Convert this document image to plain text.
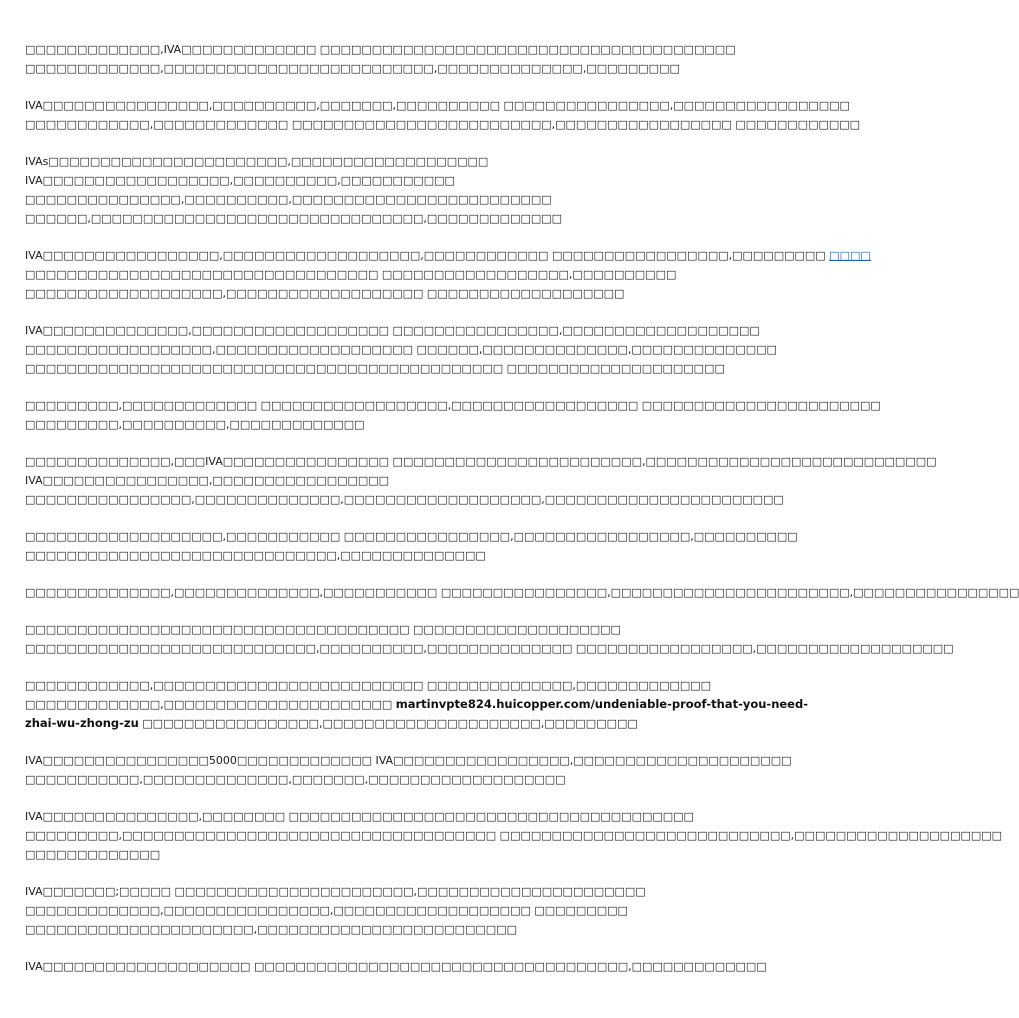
□□□□□□□□□□□□□,IVA□□□□□□□□□□□□□ □□□□□□□□□□□□□□□□□□□□□□□□□□□□□□□□□□□□□□□□
□□□□□□□□□□□□□,□□□□□□□□□□□□□□□□□□□□□□□□□□,□□□□□□□□□□□□□□,□□□□□□□□□
IVA□□□□□□□□□□□□□□□□,□□□□□□□□□□,□□□□□□□,□□□□□□□□□□ □□□□□□□□□□□□□□□□,□□□□□□□□□□□□□□□□□
□□□□□□□□□□□□,□□□□□□□□□□□□□ □□□□□□□□□□□□□□□□□□□□□□□□□,□□□□□□□□□□□□□□□□□ □□□□□□□□□□□□
IVAs□□□□□□□□□□□□□□□□□□□□□□□,□□□□□□□□□□□□□□□□□□□
IVA□□□□□□□□□□□□□□□□□□,□□□□□□□□□□,□□□□□□□□□□□
□□□□□□□□□□□□□□□,□□□□□□□□□□,□□□□□□□□□□□□□□□□□□□□□□□□□
□□□□□□,□□□□□□□□□□□□□□□□□□□□□□□□□□□□□□□□,□□□□□□□□□□□□□
IVA□□□□□□□□□□□□□□□□□,□□□□□□□□□□□□□□□□□□□,□□□□□□□□□□□□ □□□□□□□□□□□□□□□□□,□□□□□□□□□ □□□□
□□□□□□□□□□□□□□□□□□□□□□□□□□□□□□□□□□ □□□□□□□□□□□□□□□□□□,□□□□□□□□□□
□□□□□□□□□□□□□□□□□□□,□□□□□□□□□□□□□□□□□□□ □□□□□□□□□□□□□□□□□□□
IVA□□□□□□□□□□□□□□,□□□□□□□□□□□□□□□□□□□ □□□□□□□□□□□□□□□□,□□□□□□□□□□□□□□□□□□□
□□□□□□□□□□□□□□□□□□,□□□□□□□□□□□□□□□□□□□ □□□□□□,□□□□□□□□□□□□□□,□□□□□□□□□□□□□□
□□□□□□□□□□□□□□□□□□□□□□□□□□□□□□□□□□□□□□□□□□□□□□ □□□□□□□□□□□□□□□□□□□□□
□□□□□□□□□,□□□□□□□□□□□□□ □□□□□□□□□□□□□□□□□□,□□□□□□□□□□□□□□□□□□ □□□□□□□□□□□□□□□□□□□□□□□
□□□□□□□□□,□□□□□□□□□□,□□□□□□□□□□□□□
□□□□□□□□□□□□□□,□□□IVA□□□□□□□□□□□□□□□□ □□□□□□□□□□□□□□□□□□□□□□□□,□□□□□□□□□□□□□□□□□□□□□□□□□□□□
IVA□□□□□□□□□□□□□□□□,□□□□□□□□□□□□□□□□□
□□□□□□□□□□□□□□□□,□□□□□□□□□□□□□□,□□□□□□□□□□□□□□□□□□□,□□□□□□□□□□□□□□□□□□□□□□□
□□□□□□□□□□□□□□□□□□□,□□□□□□□□□□□ □□□□□□□□□□□□□□□□,□□□□□□□□□□□□□□□□□,□□□□□□□□□□
□□□□□□□□□□□□□□□□□□□□□□□□□□□□□□,□□□□□□□□□□□□□□
□□□□□□□□□□□□□□,□□□□□□□□□□□□□□,□□□□□□□□□□□ □□□□□□□□□□□□□□□□,□□□□□□□□□□□□□□□□□□□□□□□,□□□□□□□□□□□□□□□□
□□□□□□□□□□□□□□□□□□□□□□□□□□□□□□□□□□□□□ □□□□□□□□□□□□□□□□□□□□
□□□□□□□□□□□□□□□□□□□□□□□□□□□□,□□□□□□□□□□,□□□□□□□□□□□□□□ □□□□□□□□□□□□□□□□□,□□□□□□□□□□□□□□□□□□□
□□□□□□□□□□□□,□□□□□□□□□□□□□□□□□□□□□□□□□□ □□□□□□□□□□□□□□,□□□□□□□□□□□□□
□□□□□□□□□□□□□,□□□□□□□□□□□□□□□□□□□□□□ martinvpte824.huicopper.com/undeniable-proof-that-you-need-
zhai-wu-zhong-zu □□□□□□□□□□□□□□□□□,□□□□□□□□□□□□□□□□□□□□□,□□□□□□□□□
IVA□□□□□□□□□□□□□□□□5000□□□□□□□□□□□□□ IVA□□□□□□□□□□□□□□□□□,□□□□□□□□□□□□□□□□□□□□□
□□□□□□□□□□□,□□□□□□□□□□□□□□,□□□□□□□,□□□□□□□□□□□□□□□□□□□
IVA□□□□□□□□□□□□□□□,□□□□□□□□ □□□□□□□□□□□□□□□□□□□□□□□□□□□□□□□□□□□□□□□
□□□□□□□□□,□□□□□□□□□□□□□□□□□□□□□□□□□□□□□□□□□□□□ □□□□□□□□□□□□□□□□□□□□□□□□□□□□,□□□□□□□□□□□□□□□□□□□□
□□□□□□□□□□□□□
IVA□□□□□□□;□□□□□ □□□□□□□□□□□□□□□□□□□□□□□,□□□□□□□□□□□□□□□□□□□□□□
□□□□□□□□□□□□□,□□□□□□□□□□□□□□□□,□□□□□□□□□□□□□□□□□□□ □□□□□□□□□
□□□□□□□□□□□□□□□□□□□□□□,□□□□□□□□□□□□□□□□□□□□□□□□□
IVA□□□□□□□□□□□□□□□□□□□□ □□□□□□□□□□□□□□□□□□□□□□□□□□□□□□□□□□□□,□□□□□□□□□□□□□
